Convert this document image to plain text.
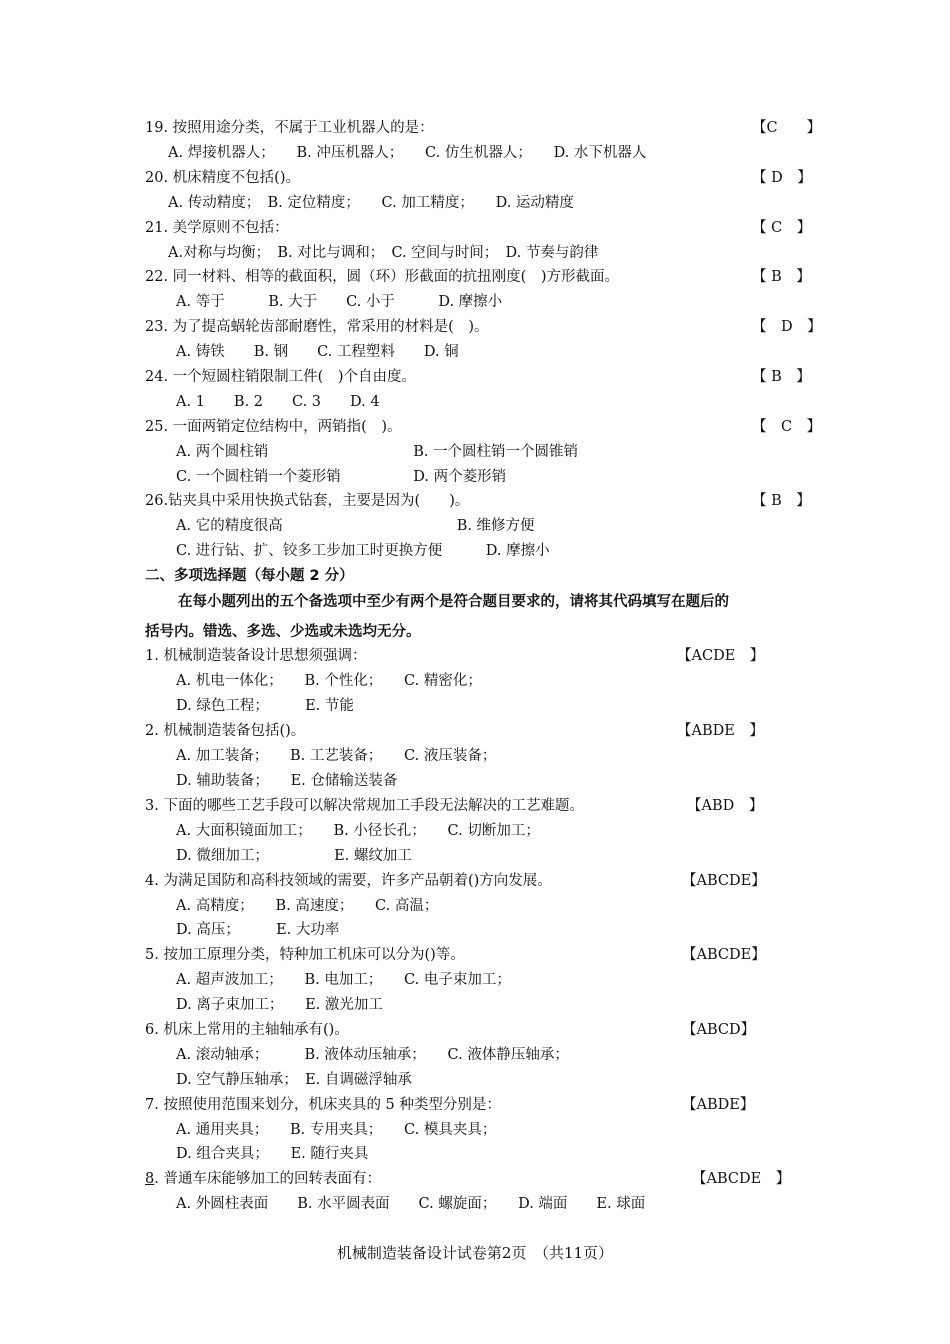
19. 按照用途分类，不属于工业机器人的是：	【C　　】
A. 焊接机器人；　　B. 冲压机器人；　　C. 仿生机器人；　　D. 水下机器人
20. 机床精度不包括()。	【 D　】
A. 传动精度；　B. 定位精度；　　C. 加工精度；　　D. 运动精度
21. 美学原则不包括：	【 C　】
A.对称与均衡；　B. 对比与调和；　C. 空间与时间；　D. 节奏与韵律
22. 同一材料、相等的截面积，圆（环）形截面的抗扭刚度(　)方形截面。	【 B　】
A. 等于　　　B. 大于　　C. 小于　　　D. 摩擦小
23. 为了提高蜗轮齿部耐磨性，常采用的材料是(　)。	【　D　】
A. 铸铁　　B. 钢　　C. 工程塑料　　D. 铜
24. 一个短圆柱销限制工件(　)个自由度。	【 B　】
A. 1　　B. 2　　C. 3　　D. 4
25. 一面两销定位结构中，两销指(　)。	【　C　】
A. 两个圆柱销　　　　　　　　　　B. 一个圆柱销一个圆锥销
C. 一个圆柱销一个菱形销　　　　　D. 两个菱形销
26.钻夹具中采用快换式钻套，主要是因为(　　)。	【 B　】
A. 它的精度很高　　　　　　　　　　　　B. 维修方便
C. 进行钻、扩、铰多工步加工时更换方便　　　D. 摩擦小
二、多项选择题（每小题 2 分）
在每小题列出的五个备选项中至少有两个是符合题目要求的，请将其代码填写在题后的
括号内。错选、多选、少选或未选均无分。
1. 机械制造装备设计思想须强调：	【ACDE　】
A. 机电一体化；　　B. 个性化；　　C. 精密化；
D. 绿色工程；　　　E. 节能
2. 机械制造装备包括()。	【ABDE　】
A. 加工装备；　　B. 工艺装备；　　C. 液压装备；
D. 辅助装备；　　E. 仓储输送装备
3. 下面的哪些工艺手段可以解决常规加工手段无法解决的工艺难题。	【ABD　】
A. 大面积镜面加工；　　B. 小径长孔；　　C. 切断加工；
D. 微细加工；　　　　　E. 螺纹加工
4. 为满足国防和高科技领域的需要，许多产品朝着()方向发展。	【ABCDE】
A. 高精度；　　B. 高速度；　　C. 高温；
D. 高压；　　　E. 大功率
5. 按加工原理分类，特种加工机床可以分为()等。	【ABCDE】
A. 超声波加工；　　B. 电加工；　　C. 电子束加工；
D. 离子束加工；　　E. 激光加工
6. 机床上常用的主轴轴承有()。	【ABCD】
A. 滚动轴承；　　　B. 液体动压轴承；　　C. 液体静压轴承；
D. 空气静压轴承；　E. 自调磁浮轴承
7. 按照使用范围来划分，机床夹具的 5 种类型分别是：	【ABDE】
A. 通用夹具；　　B. 专用夹具；　　C. 模具夹具；
D. 组合夹具；　　E. 随行夹具
8. 普通车床能够加工的回转表面有：	【ABCDE　】
A. 外圆柱表面　　B. 水平圆表面　　C. 螺旋面；　　D. 端面　　E. 球面
机械制造装备设计试卷第2页　（共11页）
